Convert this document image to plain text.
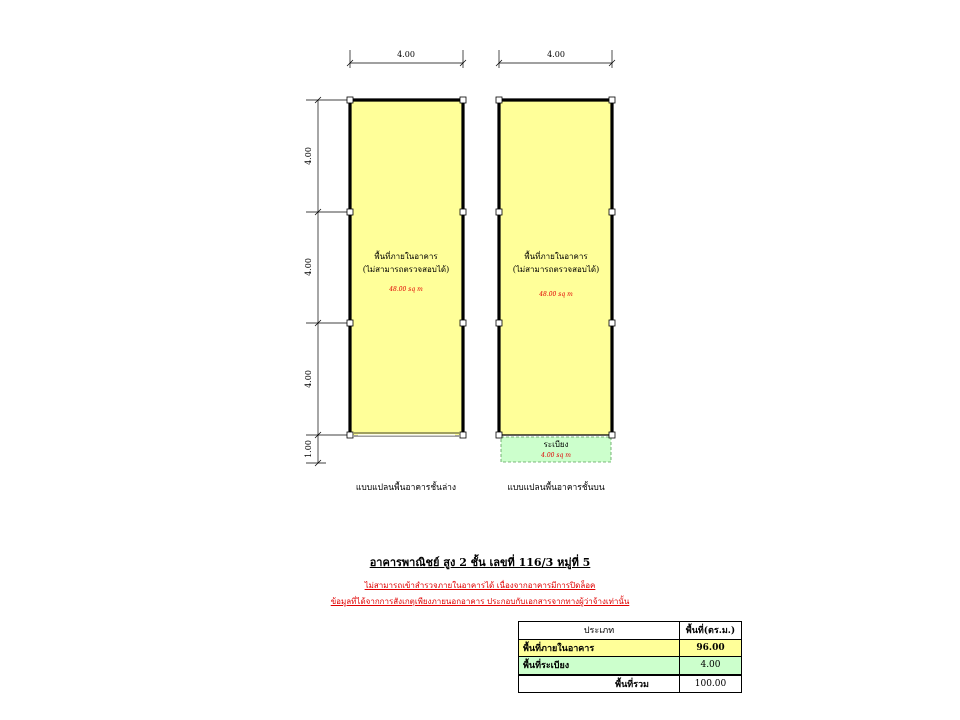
4.00	4.00
4.00
4.00
4.00
1.00
พื้นที่ภายในอาคาร
(ไม่สามารถตรวจสอบได้)
48.00 sq m
พื้นที่ภายในอาคาร
(ไม่สามารถตรวจสอบได้)
48.00 sq m
ระเบียง
4.00 sq m
แบบแปลนพื้นอาคารชั้นล่าง	แบบแปลนพื้นอาคารชั้นบน
อาคารพาณิชย์ สูง 2 ชั้น เลขที่ 116/3 หมู่ที่ 5
ไม่สามารถเข้าสำรวจภายในอาคารได้ เนื่องจากอาคารมีการปิดล็อค
ข้อมูลที่ได้จากการสังเกตุเพียงภายนอกอาคาร ประกอบกับเอกสารจากทางผู้ว่าจ้างเท่านั้น
ประเภท	พื้นที่(ตร.ม.)
พื้นที่ภายในอาคาร	96.00
พื้นที่ระเบียง	4.00
พื้นที่รวม	100.00
